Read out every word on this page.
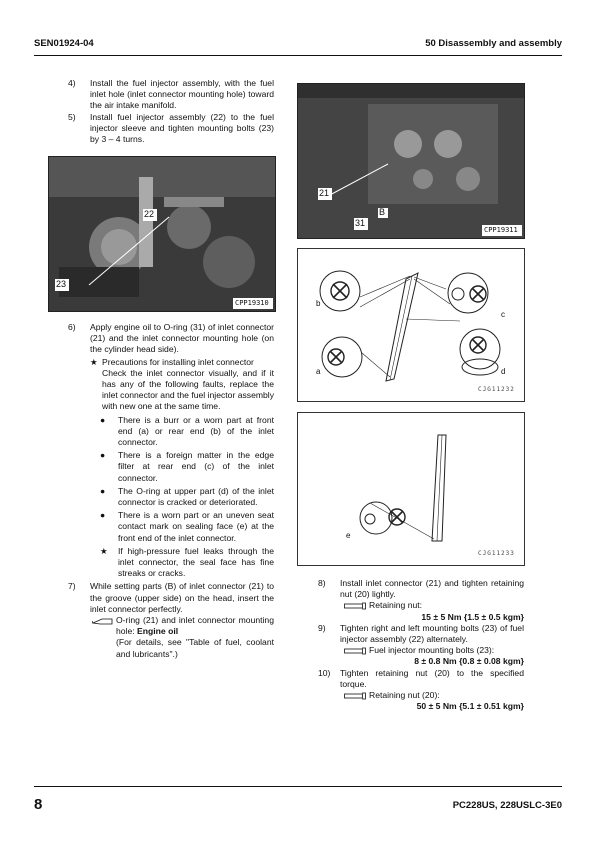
SEN01924-04	50 Disassembly and assembly
4) Install the fuel injector assembly, with the fuel inlet hole (inlet connector mounting hole) toward the air intake manifold.
5) Install fuel injector assembly (22) to the fuel injector sleeve and tighten mounting bolts (23) by 3 – 4 turns.
22
23
CPP19310
21
B
31
CPP19311
b
c
a	d
CJG11232
e
CJG11233
6) Apply engine oil to O-ring (31) of inlet connector (21) and the inlet connector mounting hole (on the cylinder head side).
★ Precautions for installing inlet connector
Check the inlet connector visually, and if it has any of the following faults, replace the inlet connector and the fuel injector assembly with new one at the same time.
● There is a burr or a worn part at front end (a) or rear end (b) of the inlet connector.
● There is a foreign matter in the edge filter at rear end (c) of the inlet connector.
● The O-ring at upper part (d) of the inlet connector is cracked or deteriorated.
● There is a worn part or an uneven seat contact mark on sealing face (e) at the front end of the inlet connector.
★ If high-pressure fuel leaks through the inlet connector, the seal face has fine streaks or cracks.
7) While setting parts (B) of inlet connector (21) to the groove (upper side) on the head, insert the inlet connector perfectly.
O-ring (21) and inlet connector mounting hole: Engine oil
(For details, see "Table of fuel, coolant and lubricants".)
8) Install inlet connector (21) and tighten retaining nut (20) lightly.
Retaining nut:
15 ± 5 Nm {1.5 ± 0.5 kgm}
9) Tighten right and left mounting bolts (23) of fuel injector assembly (22) alternately.
Fuel injector mounting bolts (23):
8 ± 0.8 Nm {0.8 ± 0.08 kgm}
10) Tighten retaining nut (20) to the specified torque.
Retaining nut (20):
50 ± 5 Nm {5.1 ± 0.51 kgm}
8	PC228US, 228USLC-3E0
